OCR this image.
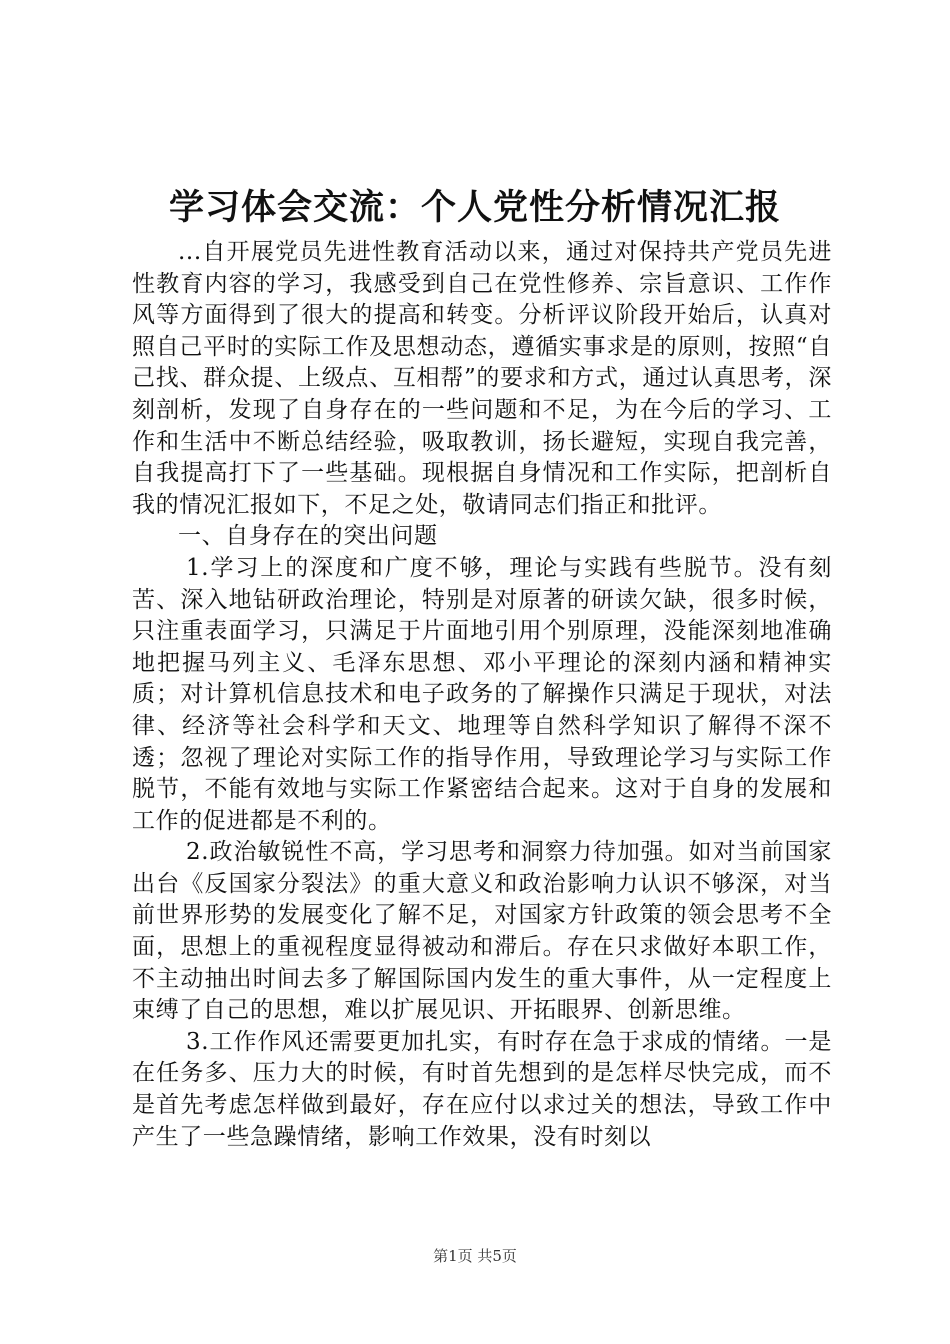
学习体会交流：个人党性分析情况汇报

...自开展党员先进性教育活动以来，通过对保持共产党员先进性教育内容的学习，我感受到自己在党性修养、宗旨意识、工作作风等方面得到了很大的提高和转变。分析评议阶段开始后，认真对照自己平时的实际工作及思想动态，遵循实事求是的原则，按照“自己找、群众提、上级点、互相帮”的要求和方式，通过认真思考，深刻剖析，发现了自身存在的一些问题和不足，为在今后的学习、工作和生活中不断总结经验，吸取教训，扬长避短，实现自我完善，自我提高打下了一些基础。现根据自身情况和工作实际，把剖析自我的情况汇报如下，不足之处，敬请同志们指正和批评。

一、自身存在的突出问题

1.学习上的深度和广度不够，理论与实践有些脱节。没有刻苦、深入地钻研政治理论，特别是对原著的研读欠缺，很多时候，只注重表面学习，只满足于片面地引用个别原理，没能深刻地准确地把握马列主义、毛泽东思想、邓小平理论的深刻内涵和精神实质；对计算机信息技术和电子政务的了解操作只满足于现状，对法律、经济等社会科学和天文、地理等自然科学知识了解得不深不透；忽视了理论对实际工作的指导作用，导致理论学习与实际工作脱节，不能有效地与实际工作紧密结合起来。这对于自身的发展和工作的促进都是不利的。

2.政治敏锐性不高，学习思考和洞察力待加强。如对当前国家出台《反国家分裂法》的重大意义和政治影响力认识不够深，对当前世界形势的发展变化了解不足，对国家方针政策的领会思考不全面，思想上的重视程度显得被动和滞后。存在只求做好本职工作，不主动抽出时间去多了解国际国内发生的重大事件，从一定程度上束缚了自己的思想，难以扩展见识、开拓眼界、创新思维。

3.工作作风还需要更加扎实，有时存在急于求成的情绪。一是在任务多、压力大的时候，有时首先想到的是怎样尽快完成，而不是首先考虑怎样做到最好，存在应付以求过关的想法，导致工作中产生了一些急躁情绪，影响工作效果，没有时刻以

第1页 共5页
